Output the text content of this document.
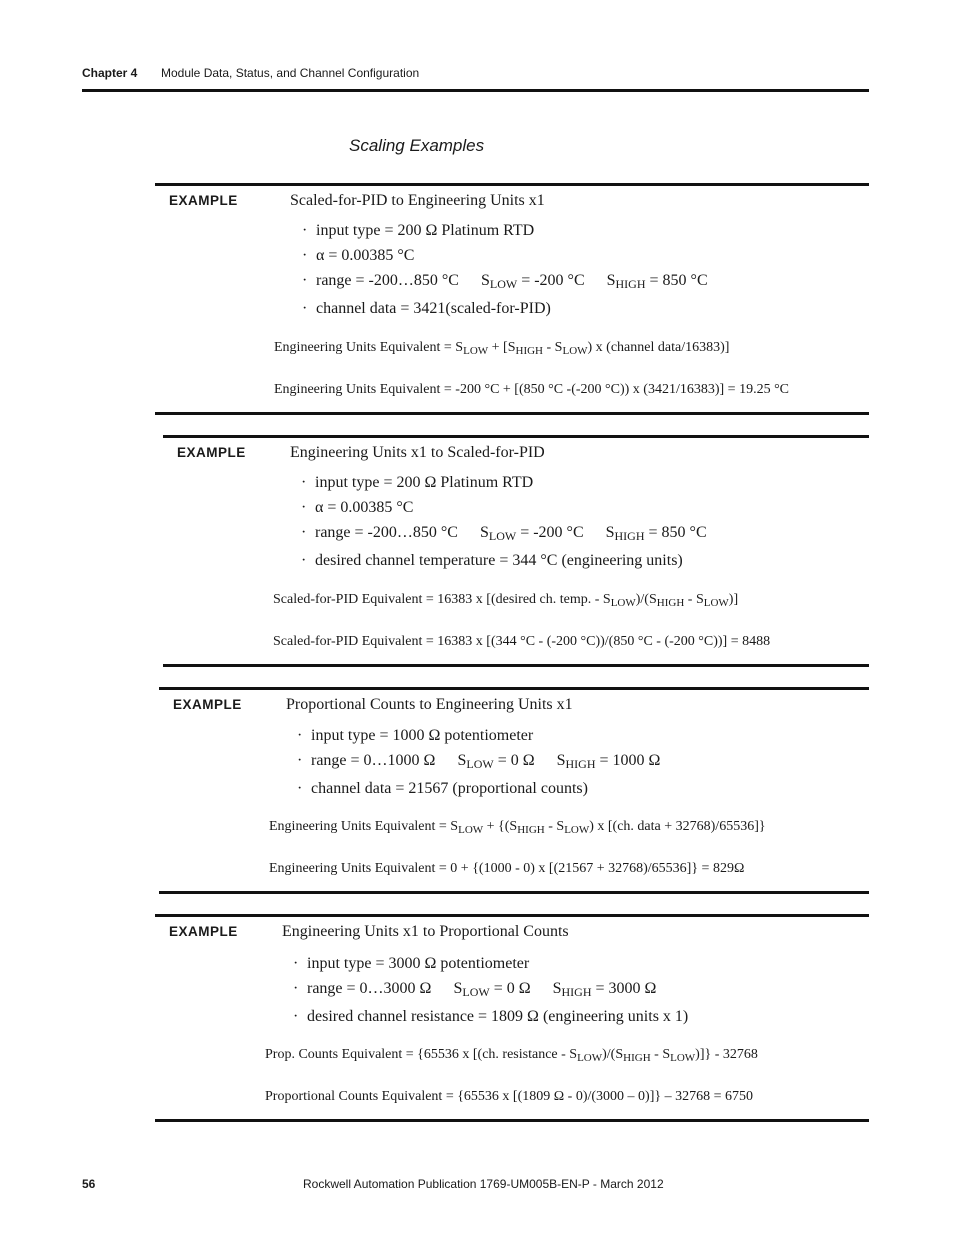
Chapter 4 Module Data, Status, and Channel Configuration
Scaling Examples
EXAMPLE	Scaled-for-PID to Engineering Units x1
· input type = 200 Ω Platinum RTD
· α = 0.00385 °C
· range = -200…850 °C $S_{LOW} = -200$ °C $S_{HIGH} = 850$ °C
· channel data = 3421(scaled-for-PID)
Engineering Units Equivalent = $S_{LOW} + [S_{HIGH} - S_{LOW})$ x (channel data/16383)]
Engineering Units Equivalent = -200 °C + [(850 °C -(-200 °C)) x (3421/16383)] = 19.25 °C
EXAMPLE	Engineering Units x1 to Scaled-for-PID
· input type = 200 Ω Platinum RTD
· α = 0.00385 °C
· range = -200…850 °C $S_{LOW} = -200$ °C $S_{HIGH} = 850$ °C
· desired channel temperature = 344 °C (engineering units)
Scaled-for-PID Equivalent = 16383 x [(desired ch. temp. - $S_{LOW})/(S_{HIGH} - S_{LOW})$]
Scaled-for-PID Equivalent = 16383 x [(344 °C - (-200 °C))/(850 °C - (-200 °C))] = 8488
EXAMPLE	Proportional Counts to Engineering Units x1
· input type = 1000 Ω potentiometer
· range = 0…1000 Ω $S_{LOW} = 0$ Ω $S_{HIGH} = 1000$ Ω
· channel data = 21567 (proportional counts)
Engineering Units Equivalent = $S_{LOW} + \{(S_{HIGH} - S_{LOW})$ x [(ch. data + 32768)/65536]}
Engineering Units Equivalent = 0 + {(1000 - 0) x [(21567 + 32768)/65536]} = 829Ω
EXAMPLE	Engineering Units x1 to Proportional Counts
· input type = 3000 Ω potentiometer
· range = 0…3000 Ω $S_{LOW} = 0$ Ω $S_{HIGH} = 3000$ Ω
· desired channel resistance = 1809 Ω (engineering units x 1)
Prop. Counts Equivalent = {65536 x [(ch. resistance - $S_{LOW})/(S_{HIGH} - S_{LOW})]\} - 32768$
Proportional Counts Equivalent = {65536 x [(1809 Ω - 0)/(3000 – 0)]} – 32768 = 6750
56	Rockwell Automation Publication 1769-UM005B-EN-P - March 2012
